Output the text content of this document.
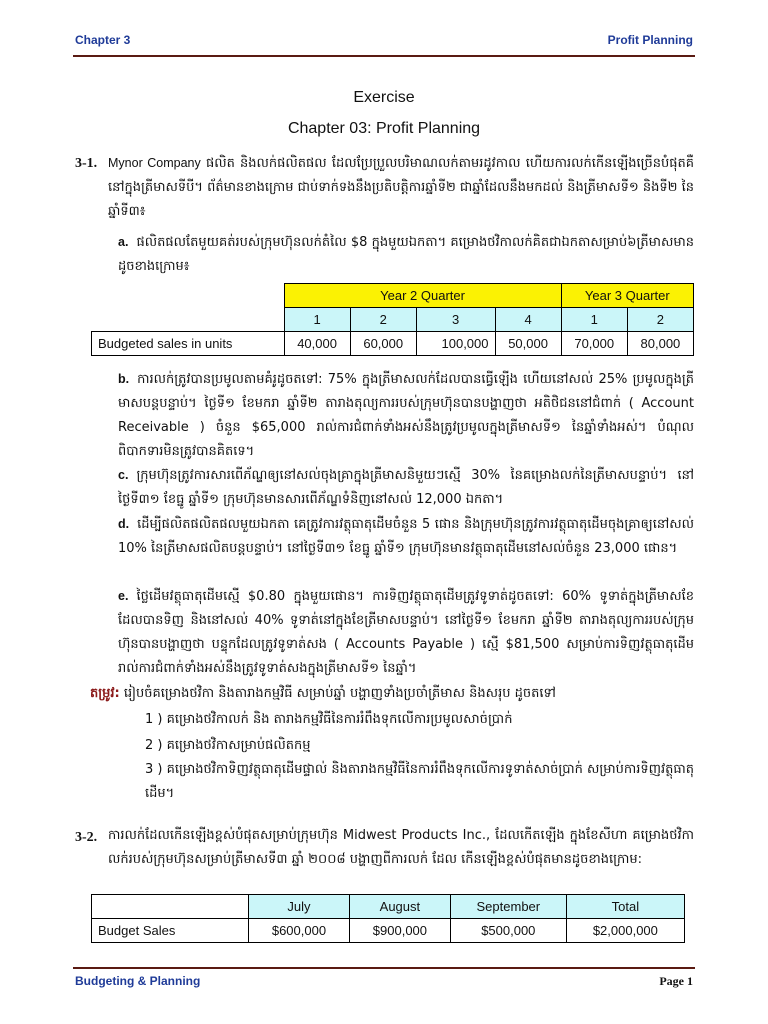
Chapter 3	Profit Planning
Exercise
Chapter 03: Profit Planning
3-1. Mynor Company ផលិត និងលក់ផលិតផល ដែលប្រែប្រួលបរិមាណលក់តាមរដូវកាល ហើយការលក់កើនឡើងច្រើនបំផុតគឺនៅក្នុងត្រីមាសទីបី។ ព័ត៌មានខាងក្រោម ជាប់ទាក់ទងនឹងប្រតិបត្តិការឆ្នាំទី២ ជាឆ្នាំដែលនឹងមកដល់ និងត្រីមាសទី១ និងទី២ នៃឆ្នាំទី៣៖
a. ផលិតផលតែមួយគត់របស់ក្រុមហ៊ុនលក់តំលៃ $8 ក្នុងមួយឯកតា។ គម្រោងថវិកាលក់គិតជាឯកតាសម្រាប់៦ត្រីមាសមានដូចខាងក្រោម៖
	Year 2 Quarter				Year 3 Quarter	
	1	2	3	4	1	2
Budgeted sales in units	40,000	60,000	100,000	50,000	70,000	80,000
b. ការលក់ត្រូវបានប្រមូលតាមគំរូដូចតទៅ: 75% ក្នុងត្រីមាសលក់ដែលបានធ្វើឡើង ហើយនៅសល់ 25% ប្រមូលក្នុងត្រីមាសបន្តបន្ទាប់។ ថ្ងៃទី១ ខែមករា ឆ្នាំទី២ តារាងតុល្យការរបស់ក្រុមហ៊ុនបានបង្ហាញថា អតិថិជននៅជំពាក់ ( Account Receivable ) ចំនួន $65,000 រាល់ការជំពាក់ទាំងអស់នឹងត្រូវប្រមូលក្នុងត្រីមាសទី១ នៃឆ្នាំទាំងអស់។ បំណុលពិបាកទារមិនត្រូវបានគិតទេ។
c. ក្រុមហ៊ុនត្រូវការសារពើភ័ណ្ឌឲ្យនៅសល់ចុងគ្រាក្នុងត្រីមាសនិមួយៗស្មើ 30% នៃគម្រោងលក់នៃត្រីមាសបន្ទាប់។ នៅថ្ងៃទី៣១ ខែធ្នូ ឆ្នាំទី១ ក្រុមហ៊ុនមានសារពើភ័ណ្ឌទំនិញនៅសល់ 12,000 ឯកតា។
d. ដើម្បីផលិតផលិតផលមួយឯកតា គេត្រូវការវត្ថុធាតុដើមចំនួន 5 ផោន និងក្រុមហ៊ុនត្រូវការវត្ថុធាតុដើមចុងគ្រាឲ្យនៅសល់ 10% នៃត្រីមាសផលិតបន្តបន្ទាប់។ នៅថ្ងៃទី៣១ ខែធ្នូ ឆ្នាំទី១ ក្រុមហ៊ុនមានវត្ថុធាតុដើមនៅសល់ចំនួន 23,000 ផោន។
e. ថ្លៃដើមវត្ថុធាតុដើមស្មើ $0.80 ក្នុងមួយផោន។ ការទិញវត្ថុធាតុដើមត្រូវទូទាត់ដូចតទៅ: 60% ទូទាត់ក្នុងត្រីមាសខែដែលបានទិញ និងនៅសល់ 40% ទូទាត់នៅក្នុងខែត្រីមាសបន្ទាប់។ នៅថ្ងៃទី១ ខែមករា ឆ្នាំទី២ តារាងតុល្យការរបស់ក្រុមហ៊ុនបានបង្ហាញថា បន្ទុកដែលត្រូវទូទាត់សង ( Accounts Payable ) ស្មើ $81,500 សម្រាប់ការទិញវត្ថុធាតុដើម រាល់ការជំពាក់ទាំងអស់នឹងត្រូវទូទាត់សងក្នុងត្រីមាសទី១ នៃឆ្នាំ។
តម្រូវ: រៀបចំគម្រោងថវិកា និងតារាងកម្មវិធី សម្រាប់ឆ្នាំ បង្ហាញទាំងប្រចាំត្រីមាស និងសរុប ដូចតទៅ
1 ) គម្រោងថវិកាលក់ និង តារាងកម្មវិធីនៃការរំពឹងទុកលើការប្រមូលសាច់ប្រាក់
2 ) គម្រោងថវិកាសម្រាប់ផលិតកម្ម
3 ) គម្រោងថវិកាទិញវត្ថុធាតុដើមផ្ទាល់ និងតារាងកម្មវិធីនៃការរំពឹងទុកលើការទូទាត់សាច់ប្រាក់ សម្រាប់ការទិញវត្ថុធាតុដើម។
3-2. ការលក់ដែលកើនឡើងខ្ពស់បំផុតសម្រាប់ក្រុមហ៊ុន Midwest Products Inc., ដែលកើតឡើង ក្នុងខែសីហា គម្រោងថវិកាលក់របស់ក្រុមហ៊ុនសម្រាប់ត្រីមាសទី៣ ឆ្នាំ ២០០៨ បង្ហាញពីការលក់ ដែល កើនឡើងខ្ពស់បំផុតមានដូចខាងក្រោម:
	July	August	September	Total
Budget Sales	$600,000	$900,000	$500,000	$2,000,000
Budgeting & Planning	Page 1
